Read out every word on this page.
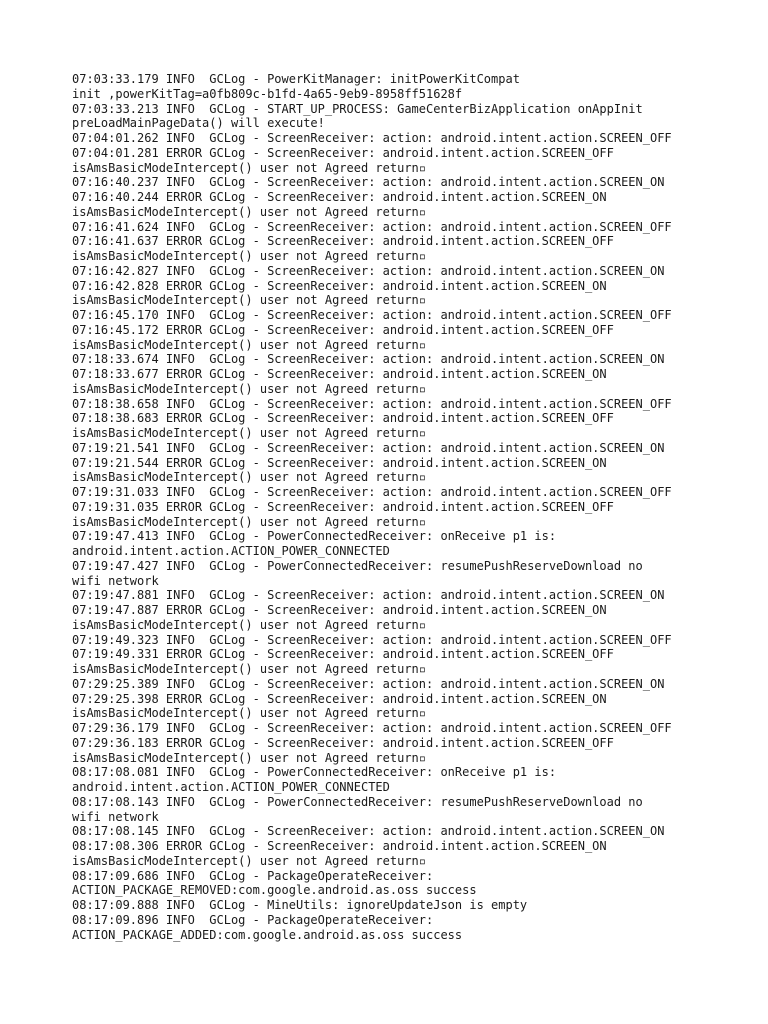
07:03:33.179 INFO  GCLog - PowerKitManager: initPowerKitCompat
init ,powerKitTag=a0fb809c-b1fd-4a65-9eb9-8958ff51628f
07:03:33.213 INFO  GCLog - START_UP_PROCESS: GameCenterBizApplication onAppInit
preLoadMainPageData() will execute!
07:04:01.262 INFO  GCLog - ScreenReceiver: action: android.intent.action.SCREEN_OFF
07:04:01.281 ERROR GCLog - ScreenReceiver: android.intent.action.SCREEN_OFF
isAmsBasicModeIntercept() user not Agreed return▫
07:16:40.237 INFO  GCLog - ScreenReceiver: action: android.intent.action.SCREEN_ON
07:16:40.244 ERROR GCLog - ScreenReceiver: android.intent.action.SCREEN_ON
isAmsBasicModeIntercept() user not Agreed return▫
07:16:41.624 INFO  GCLog - ScreenReceiver: action: android.intent.action.SCREEN_OFF
07:16:41.637 ERROR GCLog - ScreenReceiver: android.intent.action.SCREEN_OFF
isAmsBasicModeIntercept() user not Agreed return▫
07:16:42.827 INFO  GCLog - ScreenReceiver: action: android.intent.action.SCREEN_ON
07:16:42.828 ERROR GCLog - ScreenReceiver: android.intent.action.SCREEN_ON
isAmsBasicModeIntercept() user not Agreed return▫
07:16:45.170 INFO  GCLog - ScreenReceiver: action: android.intent.action.SCREEN_OFF
07:16:45.172 ERROR GCLog - ScreenReceiver: android.intent.action.SCREEN_OFF
isAmsBasicModeIntercept() user not Agreed return▫
07:18:33.674 INFO  GCLog - ScreenReceiver: action: android.intent.action.SCREEN_ON
07:18:33.677 ERROR GCLog - ScreenReceiver: android.intent.action.SCREEN_ON
isAmsBasicModeIntercept() user not Agreed return▫
07:18:38.658 INFO  GCLog - ScreenReceiver: action: android.intent.action.SCREEN_OFF
07:18:38.683 ERROR GCLog - ScreenReceiver: android.intent.action.SCREEN_OFF
isAmsBasicModeIntercept() user not Agreed return▫
07:19:21.541 INFO  GCLog - ScreenReceiver: action: android.intent.action.SCREEN_ON
07:19:21.544 ERROR GCLog - ScreenReceiver: android.intent.action.SCREEN_ON
isAmsBasicModeIntercept() user not Agreed return▫
07:19:31.033 INFO  GCLog - ScreenReceiver: action: android.intent.action.SCREEN_OFF
07:19:31.035 ERROR GCLog - ScreenReceiver: android.intent.action.SCREEN_OFF
isAmsBasicModeIntercept() user not Agreed return▫
07:19:47.413 INFO  GCLog - PowerConnectedReceiver: onReceive p1 is:
android.intent.action.ACTION_POWER_CONNECTED
07:19:47.427 INFO  GCLog - PowerConnectedReceiver: resumePushReserveDownload no
wifi network
07:19:47.881 INFO  GCLog - ScreenReceiver: action: android.intent.action.SCREEN_ON
07:19:47.887 ERROR GCLog - ScreenReceiver: android.intent.action.SCREEN_ON
isAmsBasicModeIntercept() user not Agreed return▫
07:19:49.323 INFO  GCLog - ScreenReceiver: action: android.intent.action.SCREEN_OFF
07:19:49.331 ERROR GCLog - ScreenReceiver: android.intent.action.SCREEN_OFF
isAmsBasicModeIntercept() user not Agreed return▫
07:29:25.389 INFO  GCLog - ScreenReceiver: action: android.intent.action.SCREEN_ON
07:29:25.398 ERROR GCLog - ScreenReceiver: android.intent.action.SCREEN_ON
isAmsBasicModeIntercept() user not Agreed return▫
07:29:36.179 INFO  GCLog - ScreenReceiver: action: android.intent.action.SCREEN_OFF
07:29:36.183 ERROR GCLog - ScreenReceiver: android.intent.action.SCREEN_OFF
isAmsBasicModeIntercept() user not Agreed return▫
08:17:08.081 INFO  GCLog - PowerConnectedReceiver: onReceive p1 is:
android.intent.action.ACTION_POWER_CONNECTED
08:17:08.143 INFO  GCLog - PowerConnectedReceiver: resumePushReserveDownload no
wifi network
08:17:08.145 INFO  GCLog - ScreenReceiver: action: android.intent.action.SCREEN_ON
08:17:08.306 ERROR GCLog - ScreenReceiver: android.intent.action.SCREEN_ON
isAmsBasicModeIntercept() user not Agreed return▫
08:17:09.686 INFO  GCLog - PackageOperateReceiver:
ACTION_PACKAGE_REMOVED:com.google.android.as.oss success
08:17:09.888 INFO  GCLog - MineUtils: ignoreUpdateJson is empty
08:17:09.896 INFO  GCLog - PackageOperateReceiver:
ACTION_PACKAGE_ADDED:com.google.android.as.oss success
